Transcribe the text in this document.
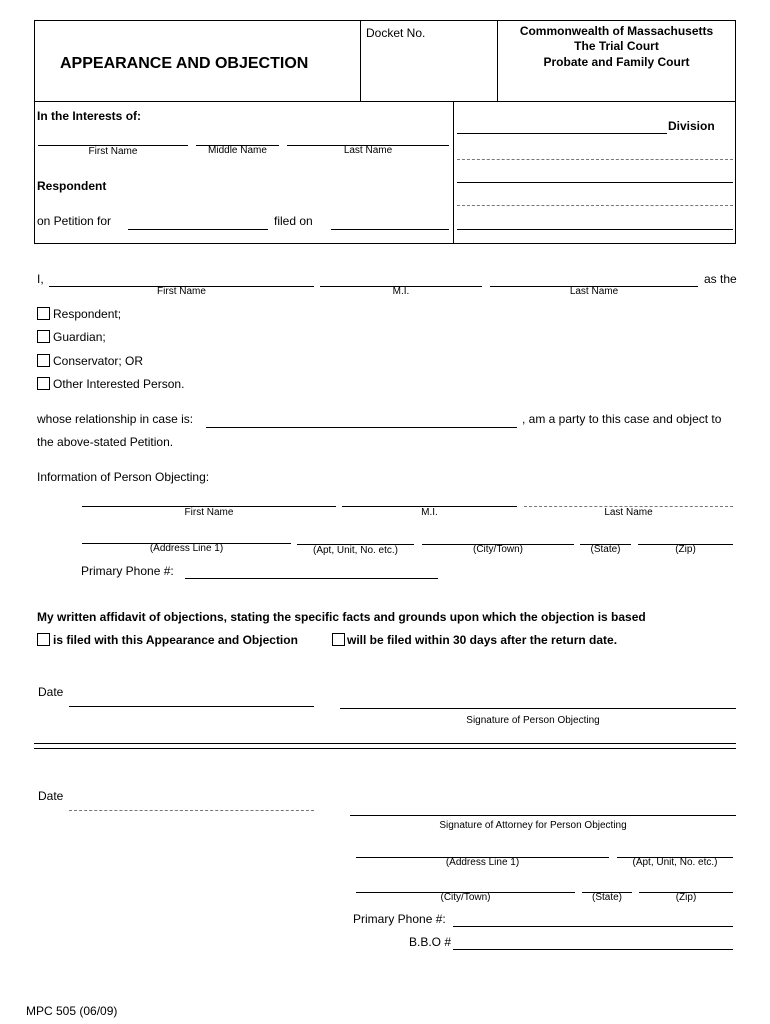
APPEARANCE AND OBJECTION
Docket No.	Commonwealth of Massachusetts
The Trial Court
Probate and Family Court
In the Interests of:
First Name	Middle Name	Last Name
Respondent
on Petition for	filed on
Division
I,	as the
First Name	M.I.	Last Name
Respondent;
Guardian;
Conservator; OR
Other Interested Person.
whose relationship in case is:	, am a party to this case and object to
the above-stated Petition.
Information of Person Objecting:
First Name	M.I.	Last Name
(Address Line 1)	(Apt, Unit, No. etc.)	(City/Town)	(State)	(Zip)
Primary Phone #:
My written affidavit of objections, stating the specific facts and grounds upon which the objection is based
is filed with this Appearance and Objection	will be filed within 30 days after the return date.
Date
Signature of Person Objecting
Date
Signature of Attorney for Person Objecting
(Address Line 1)	(Apt, Unit, No. etc.)
(City/Town)	(State)	(Zip)
Primary Phone #:
B.B.O #
MPC 505 (06/09)
